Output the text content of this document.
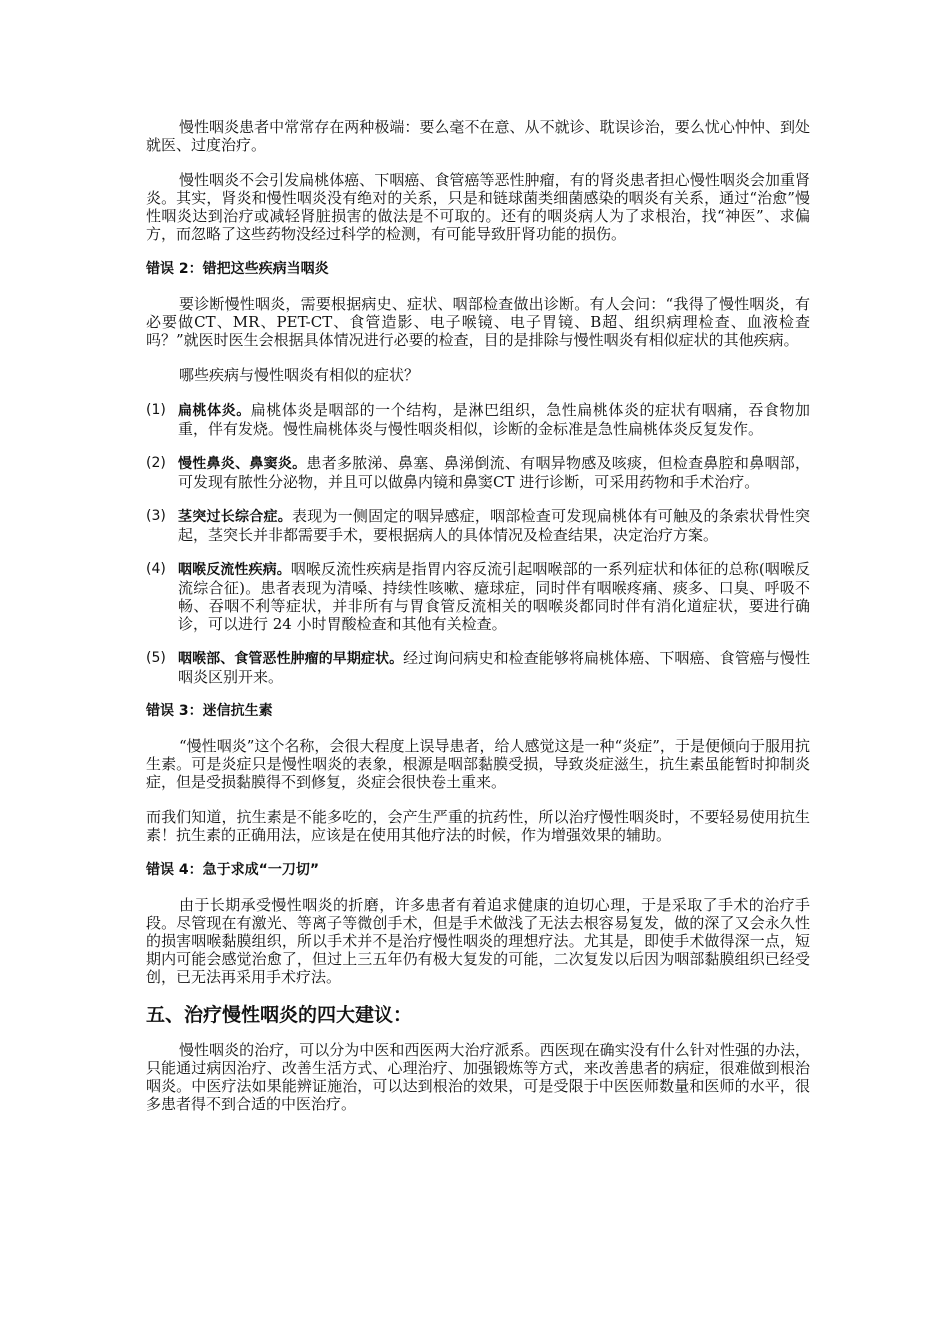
慢性咽炎患者中常常存在两种极端：要么毫不在意、从不就诊、耽误诊治，要么忧心忡忡、到处就医、过度治疗。

慢性咽炎不会引发扁桃体癌、下咽癌、食管癌等恶性肿瘤，有的肾炎患者担心慢性咽炎会加重肾炎。其实，肾炎和慢性咽炎没有绝对的关系，只是和链球菌类细菌感染的咽炎有关系，通过“治愈”慢性咽炎达到治疗或减轻肾脏损害的做法是不可取的。还有的咽炎病人为了求根治，找“神医”、求偏方，而忽略了这些药物没经过科学的检测，有可能导致肝肾功能的损伤。

错误 2：错把这些疾病当咽炎

要诊断慢性咽炎，需要根据病史、症状、咽部检查做出诊断。有人会问：“我得了慢性咽炎，有必要做CT、MR、PET-CT、食管造影、电子喉镜、电子胃镜、B超、组织病理检查、血液检查吗？”就医时医生会根据具体情况进行必要的检查，目的是排除与慢性咽炎有相似症状的其他疾病。

哪些疾病与慢性咽炎有相似的症状？

(1) 扁桃体炎。扁桃体炎是咽部的一个结构，是淋巴组织，急性扁桃体炎的症状有咽痛，吞食物加重，伴有发烧。慢性扁桃体炎与慢性咽炎相似，诊断的金标准是急性扁桃体炎反复发作。

(2) 慢性鼻炎、鼻窦炎。患者多脓涕、鼻塞、鼻涕倒流、有咽异物感及咳痰，但检查鼻腔和鼻咽部，可发现有脓性分泌物，并且可以做鼻内镜和鼻窦CT 进行诊断，可采用药物和手术治疗。

(3) 茎突过长综合症。表现为一侧固定的咽异感症，咽部检查可发现扁桃体有可触及的条索状骨性突起，茎突长并非都需要手术，要根据病人的具体情况及检查结果，决定治疗方案。

(4) 咽喉反流性疾病。咽喉反流性疾病是指胃内容反流引起咽喉部的一系列症状和体征的总称(咽喉反流综合征)。患者表现为清嗓、持续性咳嗽、癔球症，同时伴有咽喉疼痛、痰多、口臭、呼吸不畅、吞咽不利等症状，并非所有与胃食管反流相关的咽喉炎都同时伴有消化道症状，要进行确诊，可以进行 24 小时胃酸检查和其他有关检查。

(5) 咽喉部、食管恶性肿瘤的早期症状。经过询问病史和检查能够将扁桃体癌、下咽癌、食管癌与慢性咽炎区别开来。

错误 3：迷信抗生素

“慢性咽炎”这个名称，会很大程度上误导患者，给人感觉这是一种“炎症”，于是便倾向于服用抗生素。可是炎症只是慢性咽炎的表象，根源是咽部黏膜受损，导致炎症滋生，抗生素虽能暂时抑制炎症，但是受损黏膜得不到修复，炎症会很快卷土重来。

而我们知道，抗生素是不能多吃的，会产生严重的抗药性，所以治疗慢性咽炎时，不要轻易使用抗生素！抗生素的正确用法，应该是在使用其他疗法的时候，作为增强效果的辅助。

错误 4：急于求成“一刀切”

由于长期承受慢性咽炎的折磨，许多患者有着追求健康的迫切心理，于是采取了手术的治疗手段。尽管现在有激光、等离子等微创手术，但是手术做浅了无法去根容易复发，做的深了又会永久性的损害咽喉黏膜组织，所以手术并不是治疗慢性咽炎的理想疗法。尤其是，即使手术做得深一点，短期内可能会感觉治愈了，但过上三五年仍有极大复发的可能，二次复发以后因为咽部黏膜组织已经受创，已无法再采用手术疗法。

五、治疗慢性咽炎的四大建议：

慢性咽炎的治疗，可以分为中医和西医两大治疗派系。西医现在确实没有什么针对性强的办法，只能通过病因治疗、改善生活方式、心理治疗、加强锻炼等方式，来改善患者的病症，很难做到根治咽炎。中医疗法如果能辨证施治，可以达到根治的效果，可是受限于中医医师数量和医师的水平，很多患者得不到合适的中医治疗。
